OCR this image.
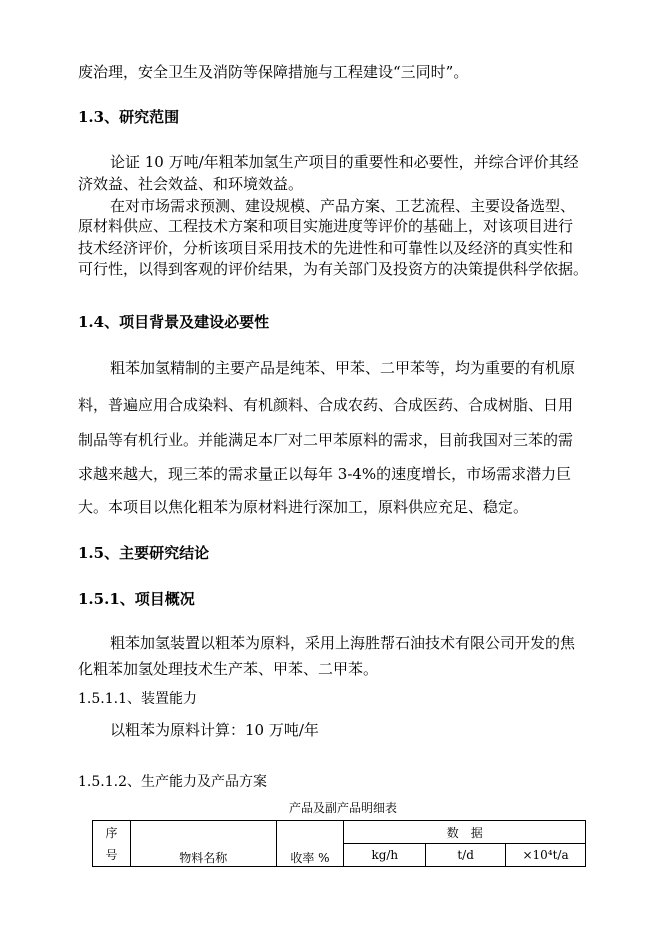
废治理，安全卫生及消防等保障措施与工程建设“三同时”。
1.3、研究范围
论证 10 万吨/年粗苯加氢生产项目的重要性和必要性，并综合评价其经
济效益、社会效益、和环境效益。
在对市场需求预测、建设规模、产品方案、工艺流程、主要设备选型、
原材料供应、工程技术方案和项目实施进度等评价的基础上，对该项目进行
技术经济评价，分析该项目采用技术的先进性和可靠性以及经济的真实性和
可行性，以得到客观的评价结果，为有关部门及投资方的决策提供科学依据。
1.4、项目背景及建设必要性
粗苯加氢精制的主要产品是纯苯、甲苯、二甲苯等，均为重要的有机原
料，普遍应用合成染料、有机颜料、合成农药、合成医药、合成树脂、日用
制品等有机行业。并能满足本厂对二甲苯原料的需求，目前我国对三苯的需
求越来越大，现三苯的需求量正以每年 3-4%的速度增长，市场需求潜力巨
大。本项目以焦化粗苯为原材料进行深加工，原料供应充足、稳定。
1.5、主要研究结论
1.5.1、项目概况
粗苯加氢装置以粗苯为原料，采用上海胜帮石油技术有限公司开发的焦
化粗苯加氢处理技术生产苯、甲苯、二甲苯。
1.5.1.1、装置能力
以粗苯为原料计算：10 万吨/年
1.5.1.2、生产能力及产品方案
产品及副产品明细表
序	物料名称	收率 %	数　据		
号			kg/h	t/d	×10⁴t/a
